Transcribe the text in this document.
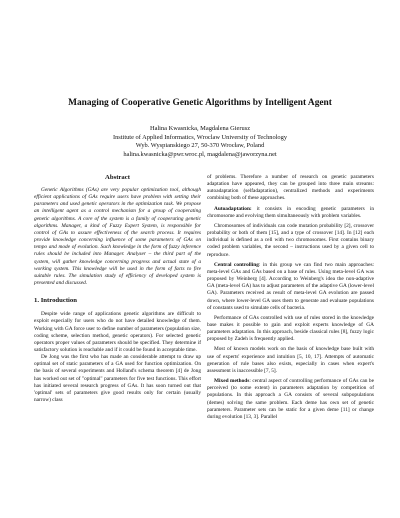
Managing of Cooperative Genetic Algorithms by Intelligent Agent
Halina Kwasnicka, Magdalena Gierusz
Institute of Applied Informatics, Wroclaw University of Technology
Wyb. Wyspianskiego 27, 50-370 Wrocław, Poland
halina.kwasnicka@pwr.wroc.pl, magdalena@jaworzyna.net
Abstract

Genetic Algorithms (GAs) are very popular optimization tool, although efficient applications of GAs require users have problem with setting their parameters and used genetic operators in the optimization task. We propose an intelligent agent as a control mechanism for a group of cooperating genetic algorithms. A core of the system is a family of cooperating genetic algorithms. Manager, a kind of Fuzzy Expert System, is responsible for control of GAs to assure effectiveness of the search process. It requires provide knowledge concerning influence of some parameters of GAs on tempo and mode of evolution. Such knowledge in the form of fuzzy inference rules should be included into Manager. Analyser – the third part of the system, will gather knowledge concerning progress and actual state of a working system. This knowledge will be used in the form of facts to fire suitable rules. The simulation study of efficiency of developed system is presented and discussed.

1. Introduction

Despite wide range of applications genetic algorithms are difficult to exploit especially for users who do not have detailed knowledge of them. Working with GA force user to define number of parameters (population size, coding scheme, selection method, genetic operators). For selected genetic operators proper values of parameters should be specified. They determine if satisfactory solution is reachable and if it could be found in acceptable time.

De Jong was the first who has made an considerable attempt to draw up optimal set of static parameters of a GA used for function optimization. On the basis of several experiments and Holland's schema theorem [4] de Jong has worked out set of "optimal" parameters for five test functions. This effort has initiated several research progress of GAs. It has soon turned out that 'optimal' sets of parameters give good results only for certain (usually narrow) class

of problems. Therefore a number of research on genetic parameters adaptation have appeared, they can be grouped into three main streams: autoadaptation (selfadaptation), centralized methods and experiments combining both of these approaches.

Autoadaptation: it consists in encoding genetic parameters in chromosome and evolving them simultaneously with problem variables.

Chromosomes of individuals can code mutation probability [2], crossover probability or both of them [15], and a type of crossover [14]. In [12] each individual is defined as a cell with two chromosomes. First contains binary coded problem variables, the second – instructions used by a given cell to reproduce.

Central controlling: in this group we can find two main approaches: meta-level GAs and GAs based on a base of rules. Using meta-level GA was proposed by Weinberg [4]. According to Weinberg's idea the non-adaptive GA (meta-level GA) has to adjust parameters of the adaptive GA (lower-level GA). Parameters received as result of meta-level GA evolution are passed down, where lower-level GA uses them to generate and evaluate populations of constants used to simulate cells of bacteria.

Performance of GAs controlled with use of rules stored in the knowledge base makes it possible to gain and exploit experts knowledge of GA parameters adaptation. In this approach, beside classical rules [8], fuzzy logic proposed by Zadeh is frequently applied.

Most of known models work on the basis of knowledge base built with use of experts' experience and intuition [5, 10, 17]. Attempts of automatic generation of rule bases also exists, especially in cases when expert's assessment is inaccessible [7, 5].

Mixed methods: central aspect of controlling performance of GAs can be perceived (to some extent) in parameters adaptation by competition of populations. In this approach a GA consists of several subpopulations (demes) solving the same problem. Each deme has own set of genetic parameters. Parameter sets can be static for a given deme [11] or change during evolution [13, 3]. Parallel
